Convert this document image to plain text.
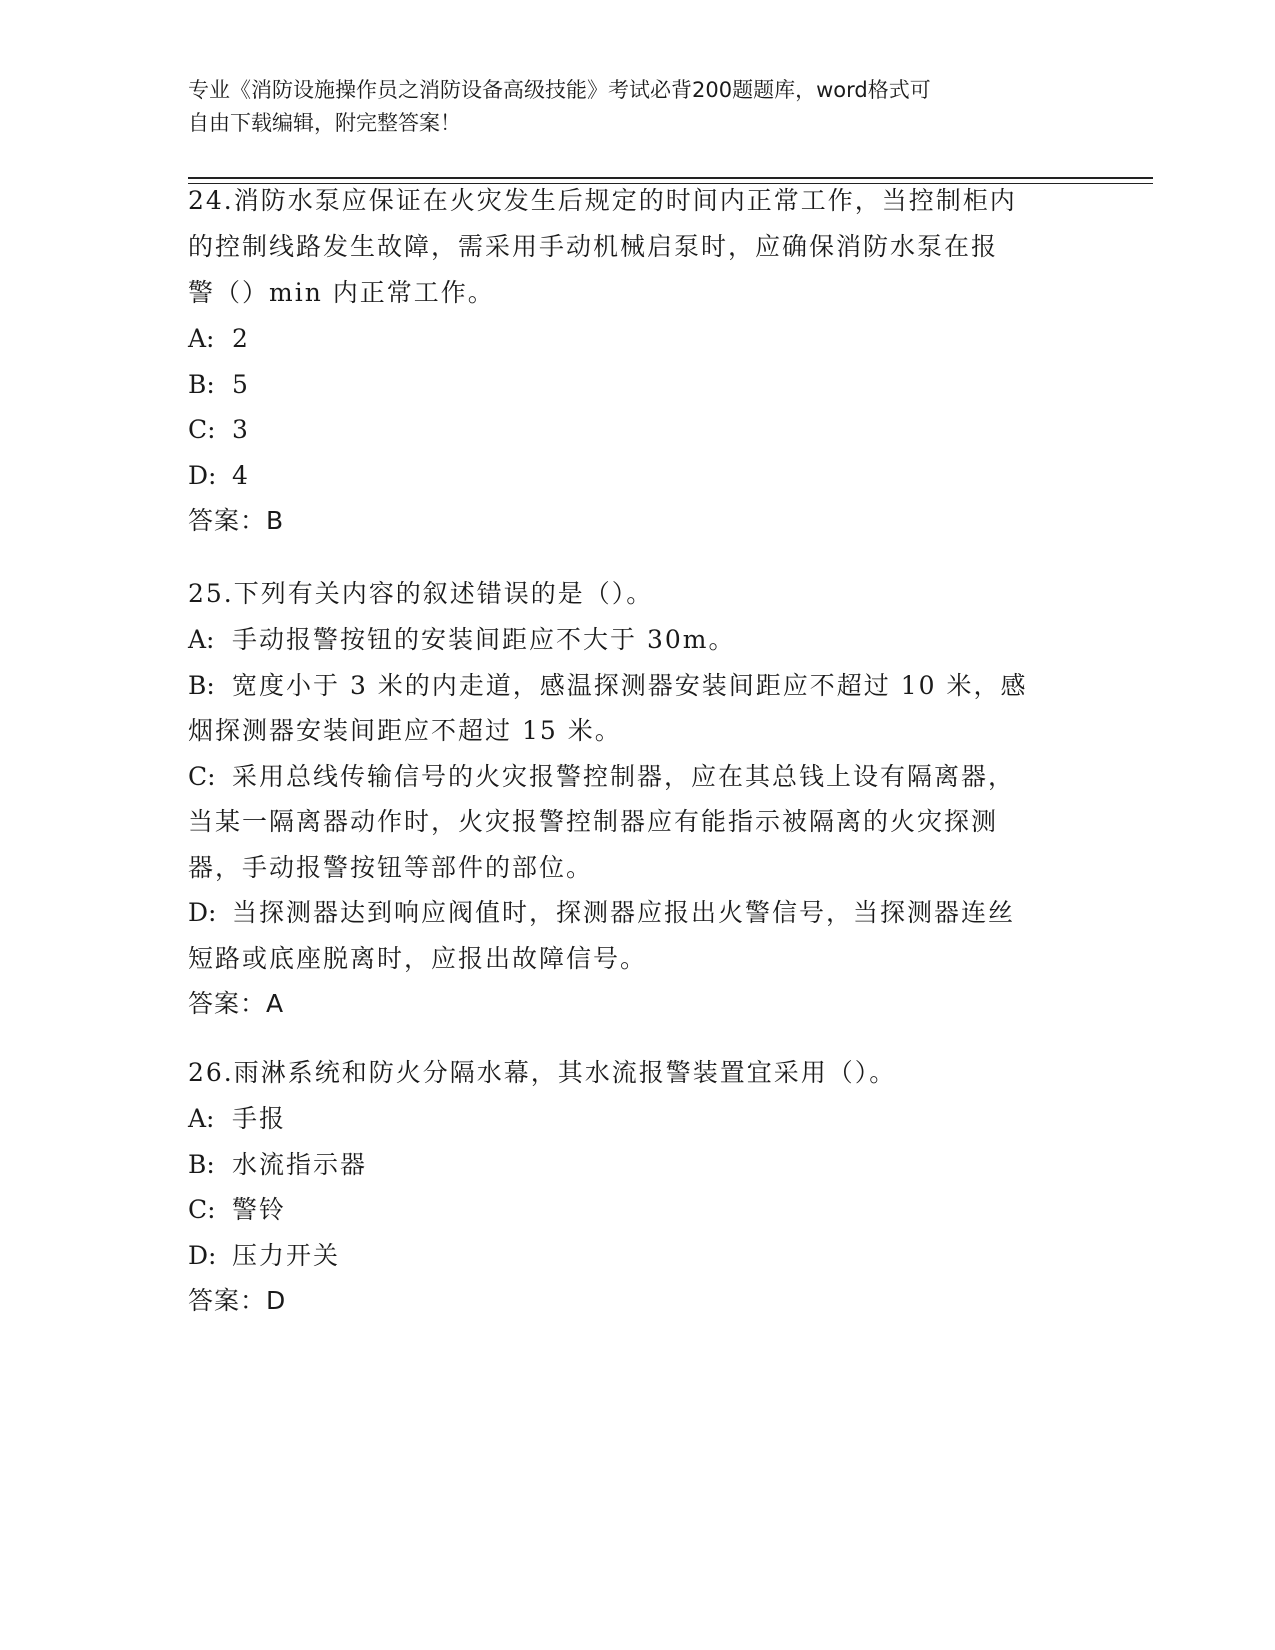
专业《消防设施操作员之消防设备高级技能》考试必背200题题库，word格式可
自由下载编辑，附完整答案！
24.消防水泵应保证在火灾发生后规定的时间内正常工作，当控制柜内
的控制线路发生故障，需采用手动机械启泵时，应确保消防水泵在报
警（）min 内正常工作。
A: 2
B: 5
C: 3
D: 4
答案：B
25.下列有关内容的叙述错误的是（）。
A: 手动报警按钮的安装间距应不大于 30m。
B: 宽度小于 3 米的内走道，感温探测器安装间距应不超过 10 米，感
烟探测器安装间距应不超过 15 米。
C: 采用总线传输信号的火灾报警控制器，应在其总钱上设有隔离器，
当某一隔离器动作时，火灾报警控制器应有能指示被隔离的火灾探测
器，手动报警按钮等部件的部位。
D: 当探测器达到响应阀值时，探测器应报出火警信号，当探测器连丝
短路或底座脱离时，应报出故障信号。
答案：A
26.雨淋系统和防火分隔水幕，其水流报警装置宜采用（）。
A: 手报
B: 水流指示器
C: 警铃
D: 压力开关
答案：D
